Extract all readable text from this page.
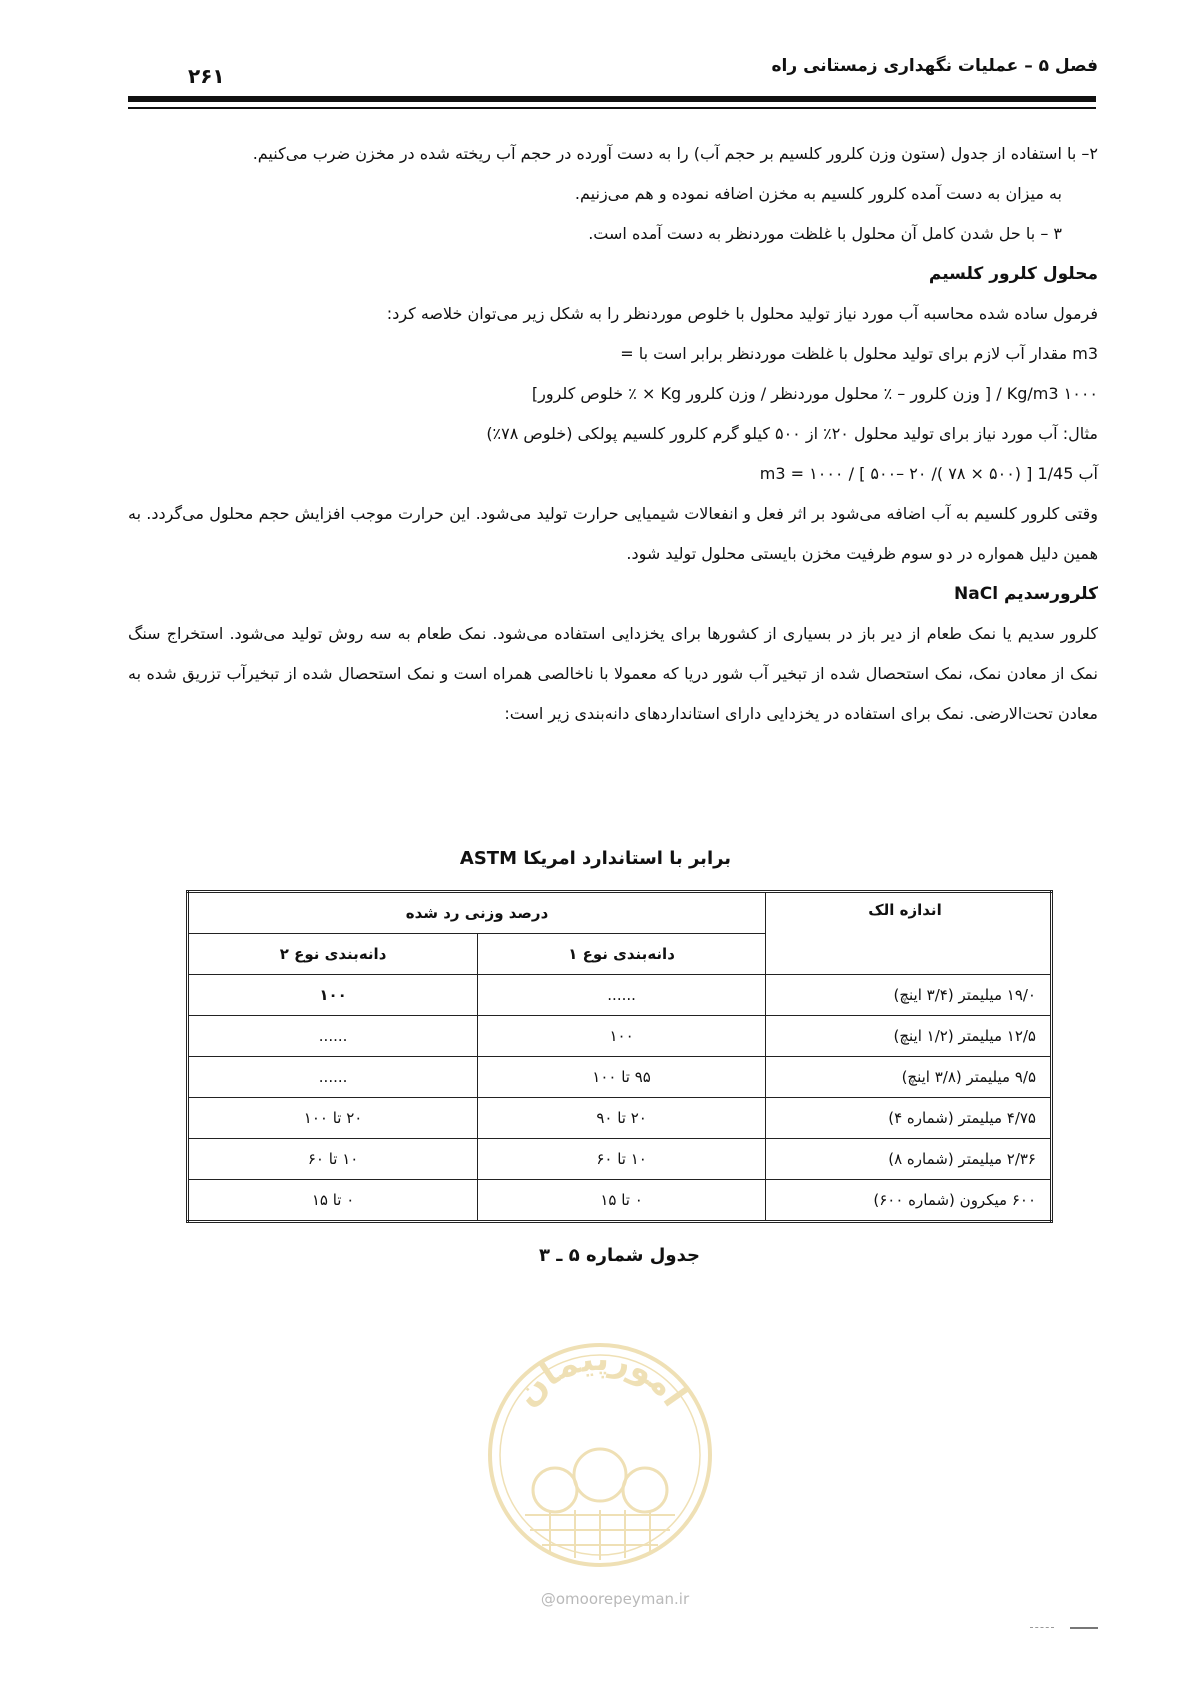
فصل ۵ – عملیات نگهداری زمستانی راه
۲۶۱

۲– با استفاده از جدول (ستون وزن کلرور کلسیم بر حجم آب) را به دست آورده در حجم آب ریخته شده در مخزن ضرب می‌کنیم.

به میزان به دست آمده کلرور کلسیم به مخزن اضافه نموده و هم می‌زنیم.

۳ – با حل شدن کامل آن محلول با غلظت موردنظر به دست آمده است.

محلول کلرور کلسیم

فرمول ساده شده محاسبه آب مورد نیاز تولید محلول با خلوص موردنظر را به شکل زیر می‌توان خلاصه کرد:

m3 مقدار آب لازم برای تولید محلول با غلظت موردنظر برابر است با =

Kg/m3 ۱۰۰۰ / [ وزن کلرور – ٪ محلول موردنظر / وزن کلرور Kg × ٪ خلوص کلرور]

مثال: آب مورد نیاز برای تولید محلول ۲۰٪ از ۵۰۰ کیلو گرم کلرور کلسیم پولکی (خلوص ۷۸٪)

آب 1/45 m3 = ۱۰۰۰ / [ ۵۰۰– ۲۰ /( ۷۸ × ۵۰۰) ]

وقتی کلرور کلسیم به آب اضافه می‌شود بر اثر فعل و انفعالات شیمیایی حرارت تولید می‌شود. این حرارت موجب افزایش حجم محلول می‌گردد. به همین دلیل همواره در دو سوم ظرفیت مخزن بایستی محلول تولید شود.

کلرورسدیم NaCl

کلرور سدیم یا نمک طعام از دیر باز در بسیاری از کشورها برای یخزدایی استفاده می‌شود. نمک طعام به سه روش تولید می‌شود. استخراج سنگ نمک از معادن نمک، نمک استحصال شده از تبخیر آب شور دریا که معمولا با ناخالصی همراه است و نمک استحصال شده از تبخیرآب تزریق شده به معادن تحت‌الارضی. نمک برای استفاده در یخزدایی دارای استانداردهای دانه‌بندی زیر است:

برابر با استاندارد امریکا ASTM
اندازه الک	درصد وزنی رد شده	
	دانه‌بندی نوع ۱	دانه‌بندی نوع ۲
۱۹/۰ میلیمتر (۳/۴ اینچ)	......	۱۰۰
۱۲/۵ میلیمتر (۱/۲ اینچ)	۱۰۰	......
۹/۵ میلیمتر (۳/۸ اینچ)	۹۵ تا ۱۰۰	......
۴/۷۵ میلیمتر (شماره ۴)	۲۰ تا ۹۰	۲۰ تا ۱۰۰
۲/۳۶ میلیمتر (شماره ۸)	۱۰ تا ۶۰	۱۰ تا ۶۰
۶۰۰ میکرون (شماره ۶۰۰)	۰ تا ۱۵	۰ تا ۱۵
جدول شماره ۵ ـ ۳
امورپیمان
@omoorepeyman.ir
